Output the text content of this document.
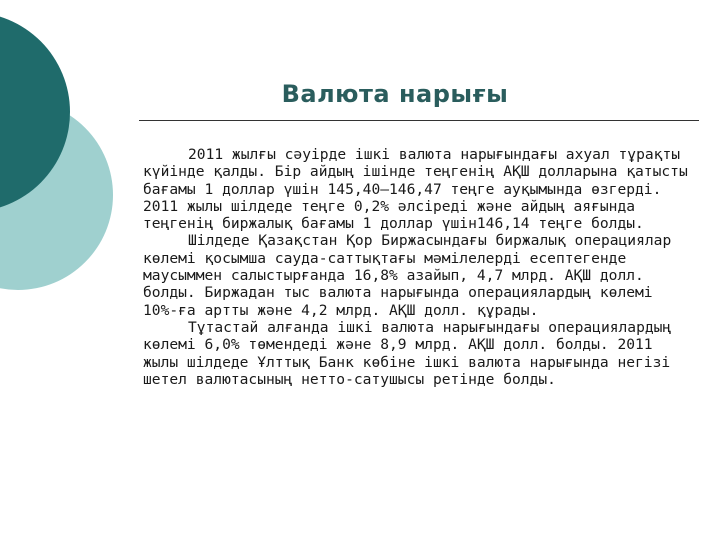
Валюта нарығы

2011 жылғы сәуірде ішкі валюта нарығындағы ахуал тұрақты күйінде қалды. Бір айдың ішінде теңгенің АҚШ долларына қатысты бағамы 1 доллар үшін 145,40–146,47 теңге ауқымында өзгерді. 2011 жылы шілдеде теңге 0,2% әлсіреді және айдың аяғында теңгенің биржалық бағамы 1 доллар үшін146,14 теңге болды.

Шілдеде Қазақстан Қор Биржасындағы биржалық операциялар көлемі қосымша сауда-саттықтағы мәмілелерді есептегенде маусыммен салыстырғанда 16,8% азайып, 4,7 млрд. АҚШ долл. болды. Биржадан тыс валюта нарығында операциялардың көлемі 10%-ға артты және 4,2 млрд. АҚШ долл. құрады.

Тұтастай алғанда ішкі валюта нарығындағы операциялардың көлемі 6,0% төмендеді және 8,9 млрд. АҚШ долл. болды. 2011 жылы шілдеде Ұлттық Банк көбіне ішкі валюта нарығында негізі шетел валютасының нетто-сатушысы ретінде болды.
